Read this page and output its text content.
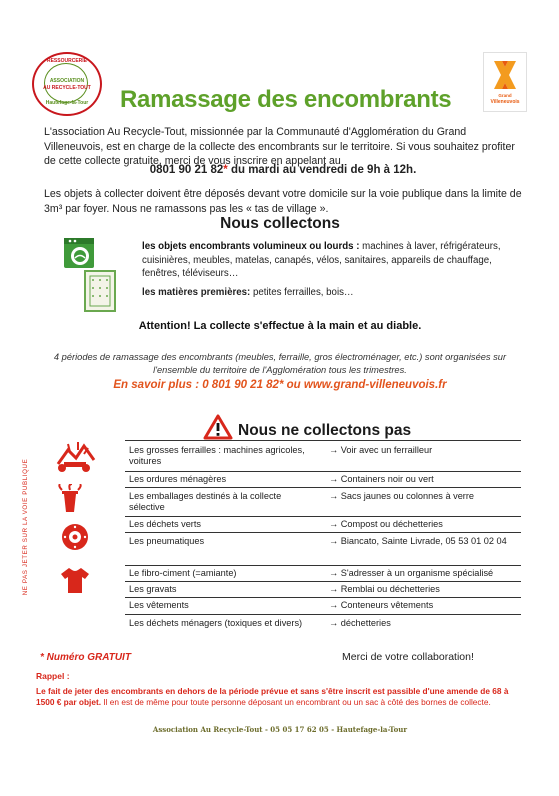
RESSOURCERIE
ASSOCIATION
AU RECYCLE-TOUT
Hautefage-la-Tour
Grand
Villeneuvois
Ramassage des encombrants
L'association Au Recycle-Tout, missionnée par la Communauté d'Agglomération du Grand Villeneuvois, est en charge de la collecte des encombrants sur le territoire. Si vous souhaitez profiter de cette collecte gratuite, merci de vous inscrire en appelant au
0801 90 21 82* du mardi au vendredi de 9h à 12h.
Les objets à collecter doivent être déposés devant votre domicile sur la voie publique dans la limite de 3m³ par foyer. Nous ne ramassons pas les « tas de village ».
Nous collectons
les objets encombrants volumineux ou lourds : machines à laver, réfrigérateurs, cuisinières, meubles, matelas, canapés, vélos, sanitaires, appareils de chauffage, fenêtres, téléviseurs…
les matières premières: petites ferrailles, bois…
Attention! La collecte s'effectue à la main et au diable.
4 périodes de ramassage des encombrants (meubles, ferraille, gros électroménager, etc.) sont organisées sur l'ensemble du territoire de l'Agglomération tous les trimestres.
En savoir plus : 0 801 90 21 82* ou www.grand-villeneuvois.fr
Nous ne collectons pas
NE PAS JETER SUR LA VOIE PUBLIQUE
Les grosses ferrailles : machines agricoles, voitures
→ Voir avec un ferrailleur
Les ordures ménagères	→ Containers noir ou vert
Les emballages destinés à la collecte sélective
→ Sacs jaunes ou colonnes à verre
Les déchets verts	→ Compost ou déchetteries
Les pneumatiques	→ Biancato, Sainte Livrade, 05 53 01 02 04
Le fibro-ciment (=amiante)	→ S'adresser à un organisme spécialisé
Les gravats	→ Remblai ou déchetteries
Les vêtements	→ Conteneurs vêtements
Les déchets ménagers (toxiques et divers)	→ déchetteries
* Numéro GRATUIT	Merci de votre collaboration!
Rappel :
Le fait de jeter des encombrants en dehors de la période prévue et sans s'être inscrit est passible d'une amende de 68 à 1500 € par objet. Il en est de même pour toute personne déposant un encombrant ou un sac à côté des bornes de collecte.
Association Au Recycle-Tout - 05 05 17 62 05 - Hautefage-la-Tour
